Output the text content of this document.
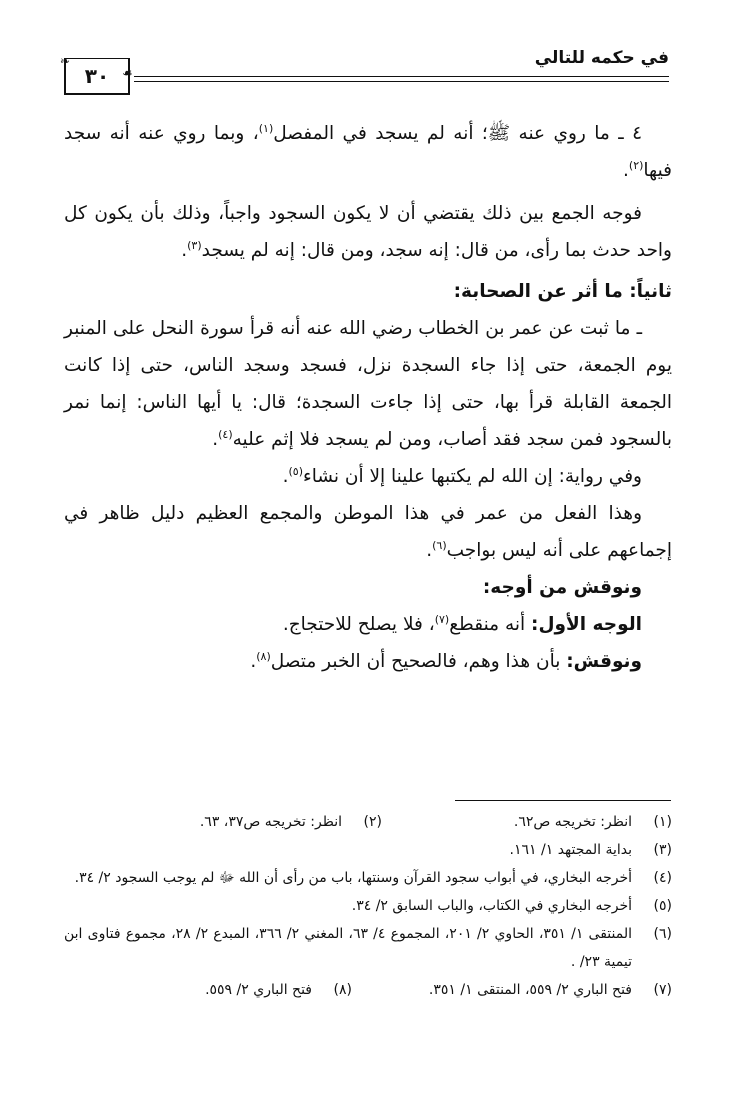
في حكمه للتالي
٣٠
❧
☙

٤ ـ ما روي عنه ﷺ؛ أنه لم يسجد في المفصل$^{(١)}$، وبما روي عنه أنه سجد فيها$^{(٢)}$.

فوجه الجمع بين ذلك يقتضي أن لا يكون السجود واجباً، وذلك بأن يكون كل واحد حدث بما رأى، من قال: إنه سجد، ومن قال: إنه لم يسجد$^{(٣)}$.

ثانياً: ما أثر عن الصحابة:

ـ ما ثبت عن عمر بن الخطاب رضي الله عنه أنه قرأ سورة النحل على المنبر يوم الجمعة، حتى إذا جاء السجدة نزل، فسجد وسجد الناس، حتى إذا كانت الجمعة القابلة قرأ بها، حتى إذا جاءت السجدة؛ قال: يا أيها الناس: إنما نمر بالسجود فمن سجد فقد أصاب، ومن لم يسجد فلا إثم عليه$^{(٤)}$.

وفي رواية: إن الله لم يكتبها علينا إلا أن نشاء$^{(٥)}$.

وهذا الفعل من عمر في هذا الموطن والمجمع العظيم دليل ظاهر في إجماعهم على أنه ليس بواجب$^{(٦)}$.

ونوقش من أوجه:

الوجه الأول: أنه منقطع$^{(٧)}$، فلا يصلح للاحتجاج.

ونوقش: بأن هذا وهم، فالصحيح أن الخبر متصل$^{(٨)}$.

(١)
انظر: تخريجه ص٦٢.
(٢)
انظر: تخريجه ص٣٧، ٦٣.
(٣)
بداية المجتهد ١/ ١٦١.
(٤)
أخرجه البخاري، في أبواب سجود القرآن وسنتها، باب من رأى أن الله ﷻ لم يوجب السجود ٢/ ٣٤.
(٥)
أخرجه البخاري في الكتاب، والباب السابق ٢/ ٣٤.
(٦)
المنتقى ١/ ٣٥١، الحاوي ٢/ ٢٠١، المجموع ٤/ ٦٣، المغني ٢/ ٣٦٦، المبدع ٢/ ٢٨، مجموع فتاوى ابن تيمية ٢٣/ .
(٧)
فتح الباري ٢/ ٥٥٩، المنتقى ١/ ٣٥١.
(٨)
فتح الباري ٢/ ٥٥٩.
